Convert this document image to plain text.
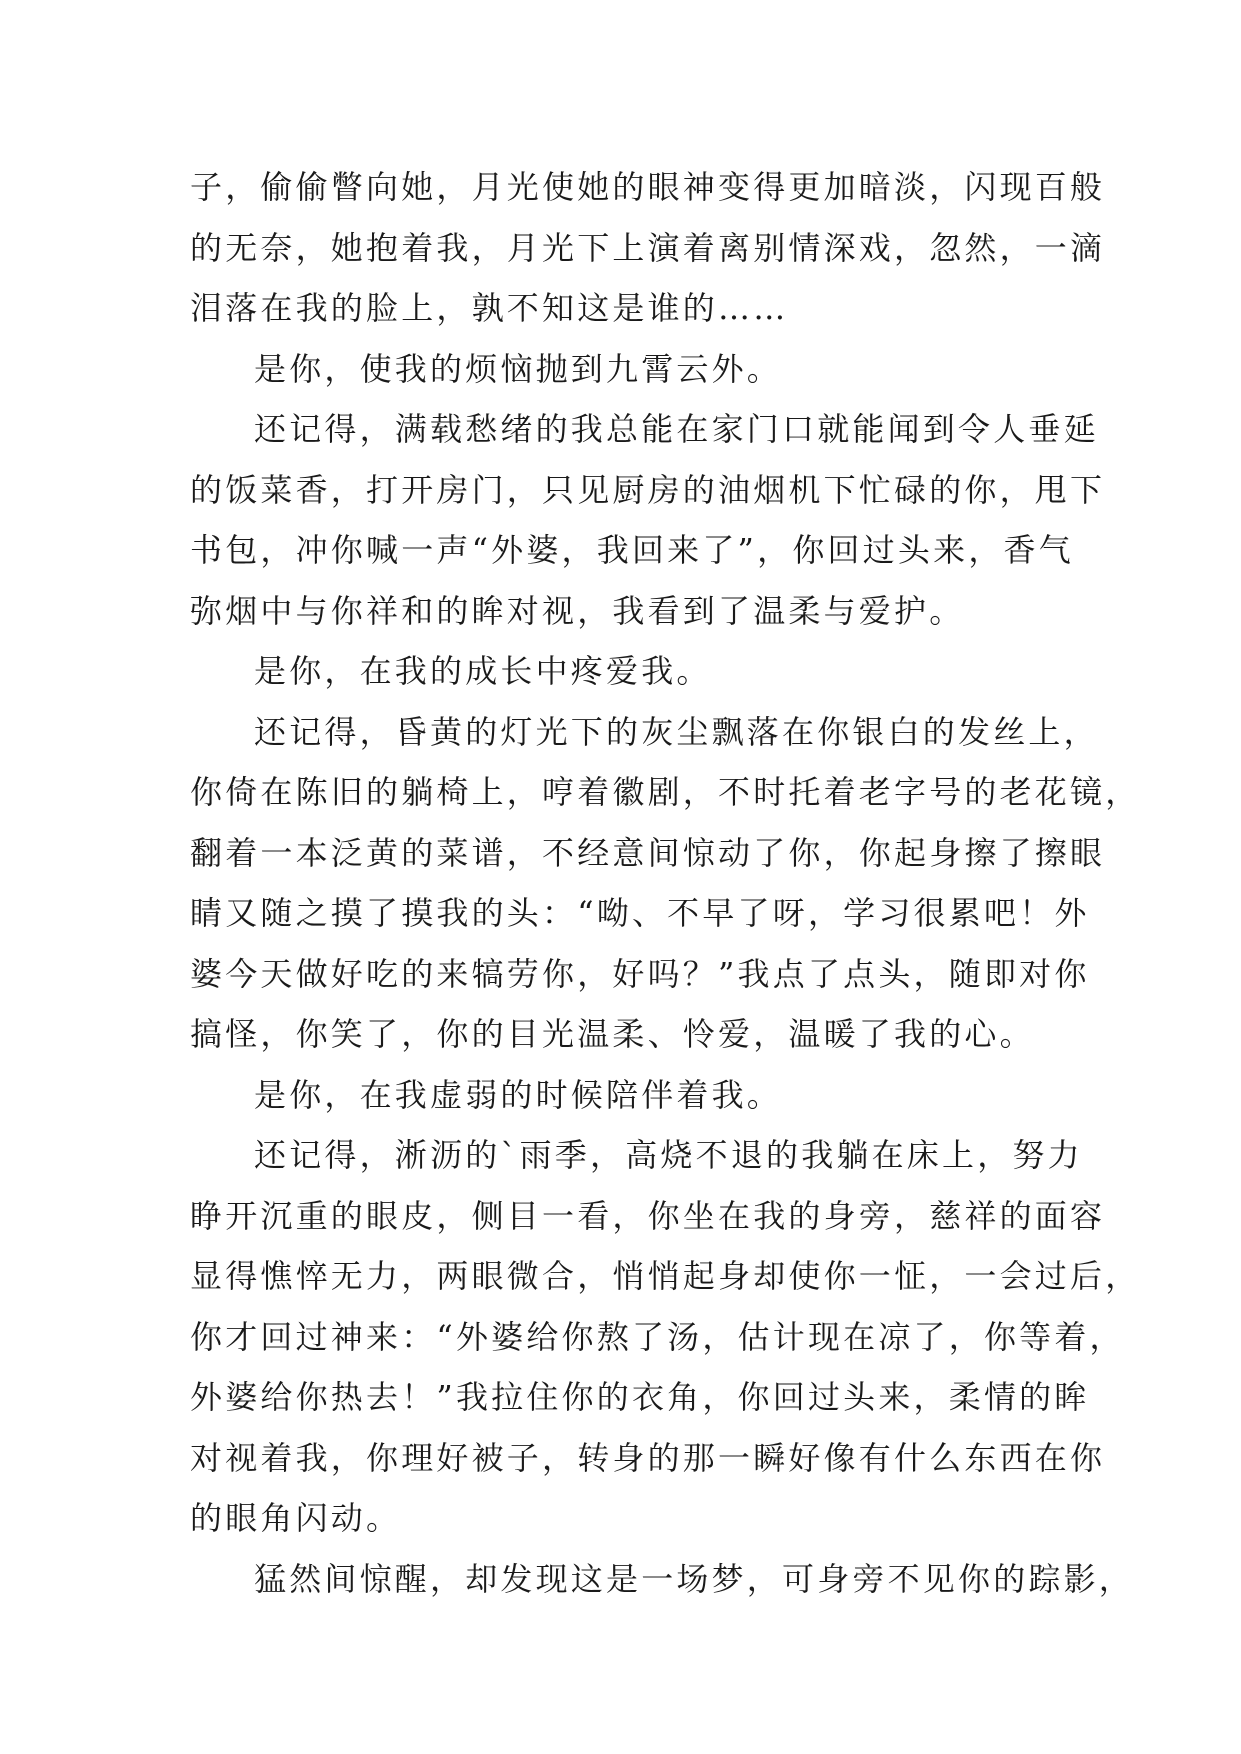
子，偷偷瞥向她，月光使她的眼神变得更加暗淡，闪现百般
的无奈，她抱着我，月光下上演着离别情深戏，忽然，一滴
泪落在我的脸上，孰不知这是谁的……
是你，使我的烦恼抛到九霄云外。
还记得，满载愁绪的我总能在家门口就能闻到令人垂延
的饭菜香，打开房门，只见厨房的油烟机下忙碌的你，甩下
书包，冲你喊一声“外婆，我回来了”，你回过头来，香气
弥烟中与你祥和的眸对视，我看到了温柔与爱护。
是你，在我的成长中疼爱我。
还记得，昏黄的灯光下的灰尘飘落在你银白的发丝上，
你倚在陈旧的躺椅上，哼着徽剧，不时托着老字号的老花镜，
翻着一本泛黄的菜谱，不经意间惊动了你，你起身擦了擦眼
睛又随之摸了摸我的头：“呦、不早了呀，学习很累吧！外
婆今天做好吃的来犒劳你，好吗？”我点了点头，随即对你
搞怪，你笑了，你的目光温柔、怜爱，温暖了我的心。
是你，在我虚弱的时候陪伴着我。
还记得，淅沥的`雨季，高烧不退的我躺在床上，努力
睁开沉重的眼皮，侧目一看，你坐在我的身旁，慈祥的面容
显得憔悴无力，两眼微合，悄悄起身却使你一怔，一会过后，
你才回过神来：“外婆给你熬了汤，估计现在凉了，你等着，
外婆给你热去！”我拉住你的衣角，你回过头来，柔情的眸
对视着我，你理好被子，转身的那一瞬好像有什么东西在你
的眼角闪动。
猛然间惊醒，却发现这是一场梦，可身旁不见你的踪影，
